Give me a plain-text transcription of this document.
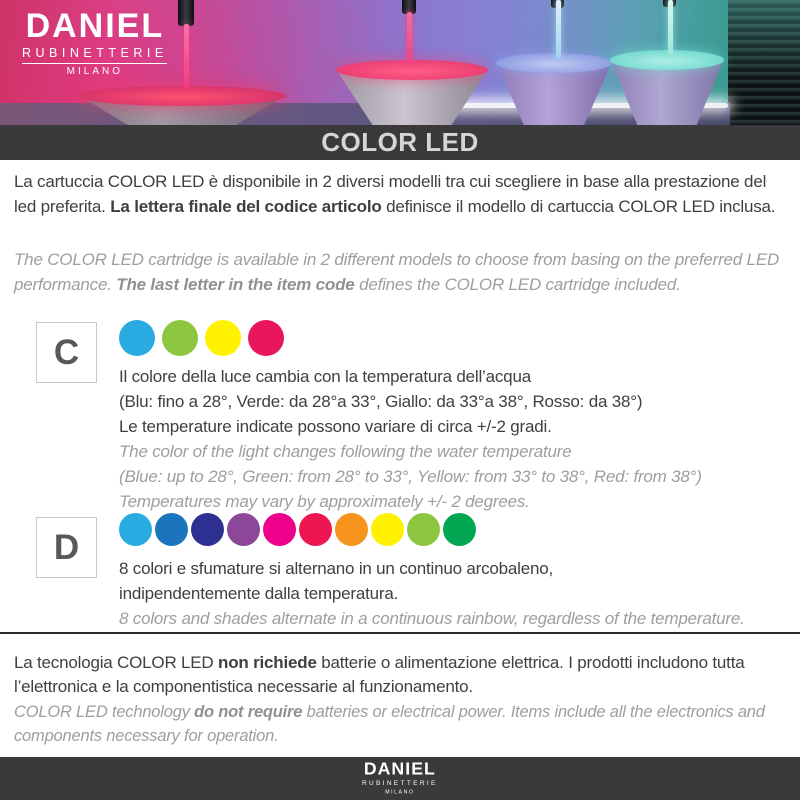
DANIEL
RUBINETTERIE
MILANO
COLOR LED

La cartuccia COLOR LED è disponibile in 2 diversi modelli tra cui scegliere in base alla prestazione del led preferita. La lettera finale del codice articolo definisce il modello di cartuccia COLOR LED inclusa.

The COLOR LED cartridge is available in 2 different models to choose from basing on the preferred LED performance. The last letter in the item code defines the COLOR LED cartridge included.

C
Il colore della luce cambia con la temperatura dell’acqua
(Blu: fino a 28°, Verde: da 28°a 33°, Giallo: da 33°a 38°, Rosso: da 38°)
Le temperature indicate possono variare di circa +/-2 gradi.
The color of the light changes following the water temperature
(Blue: up to 28°, Green: from 28° to 33°, Yellow: from 33° to 38°, Red: from 38°)
Temperatures may vary by approximately +/- 2 degrees.
D
8 colori e sfumature si alternano in un continuo arcobaleno,
indipendentemente dalla temperatura.
8 colors and shades alternate in a continuous rainbow, regardless of the temperature.

La tecnologia COLOR LED non richiede batterie o alimentazione elettrica. I prodotti includono tutta l’elettronica e la componentistica necessarie al funzionamento.

COLOR LED technology do not require batteries or electrical power. Items include all the electronics and components necessary for operation.

DANIEL
RUBINETTERIE
MILANO
